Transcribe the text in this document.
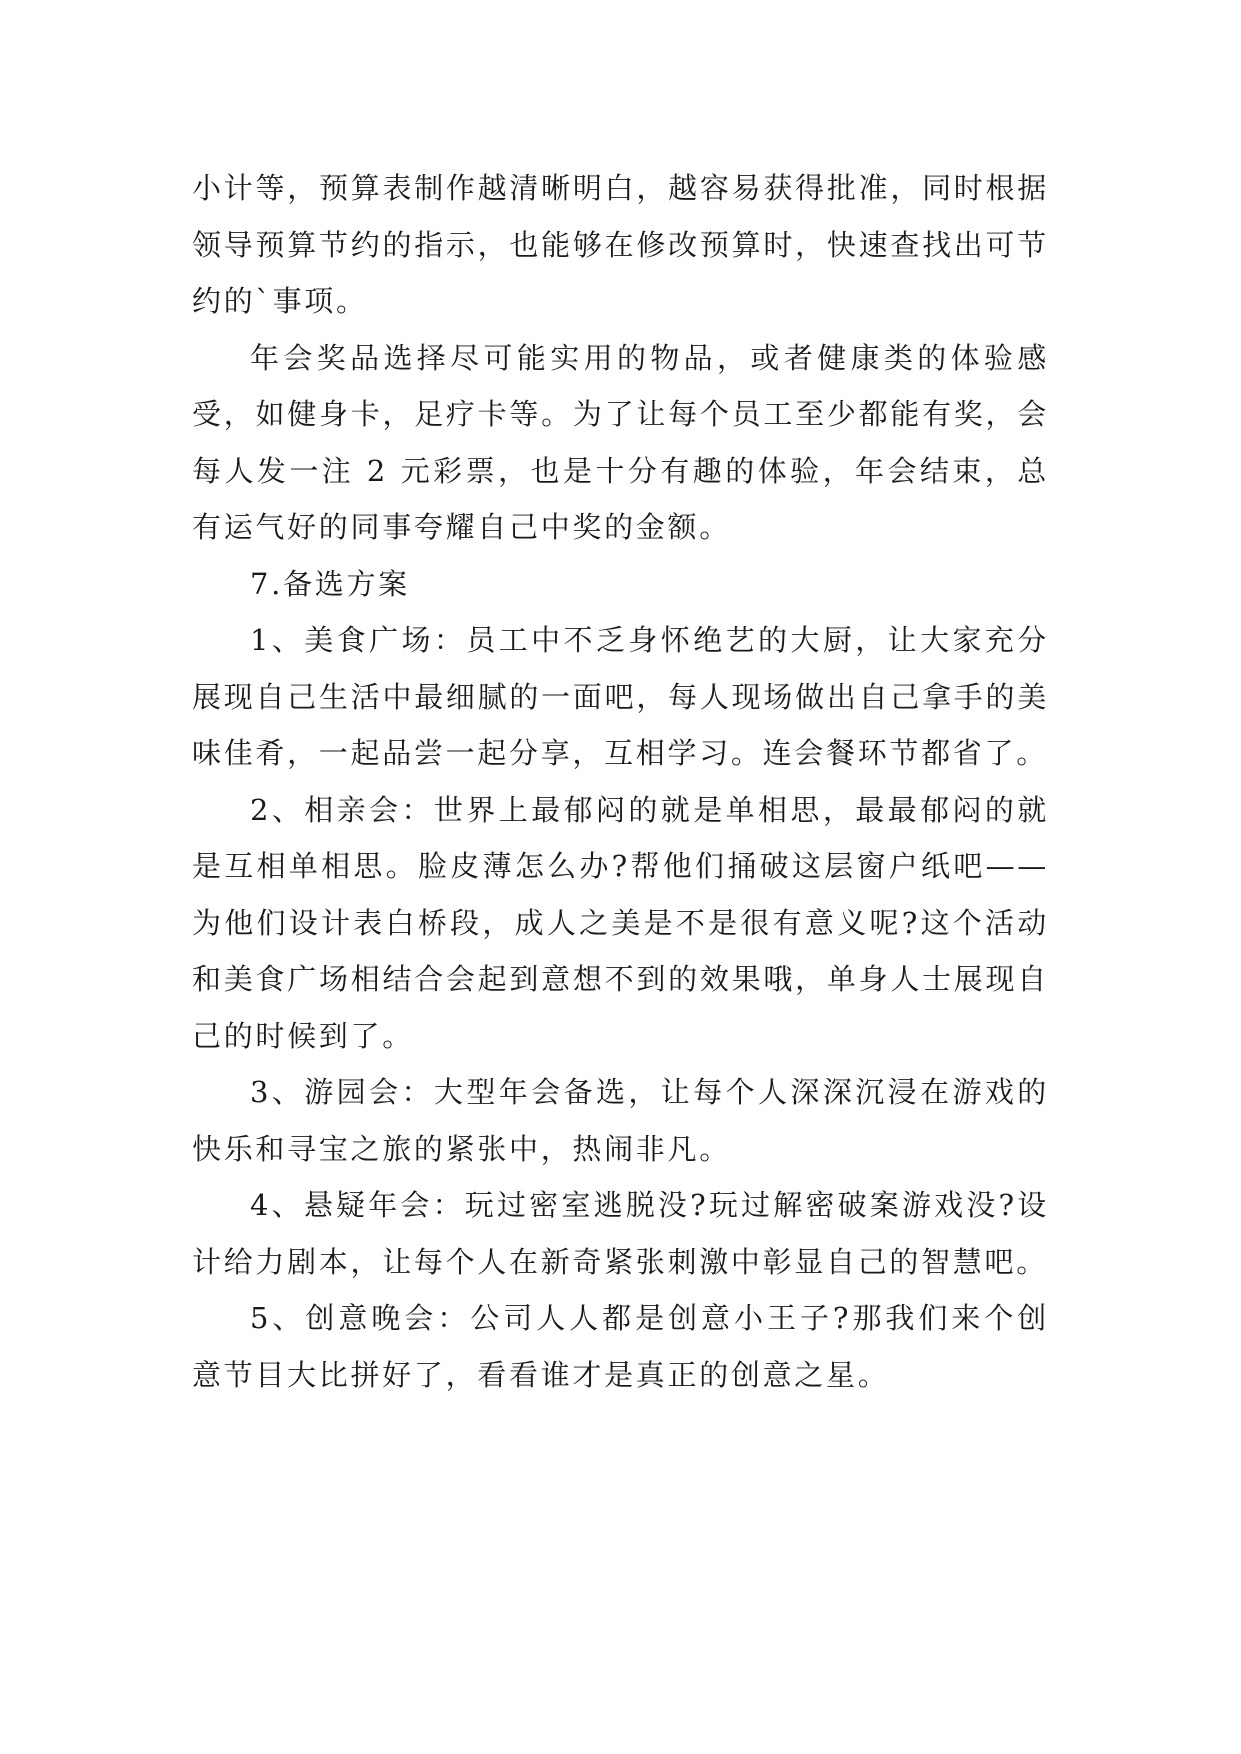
小计等，预算表制作越清晰明白，越容易获得批准，同时根据领导预算节约的指示，也能够在修改预算时，快速查找出可节约的`事项。

年会奖品选择尽可能实用的物品，或者健康类的体验感受，如健身卡，足疗卡等。为了让每个员工至少都能有奖，会每人发一注 2 元彩票，也是十分有趣的体验，年会结束，总有运气好的同事夸耀自己中奖的金额。

7.备选方案

1、美食广场：员工中不乏身怀绝艺的大厨，让大家充分展现自己生活中最细腻的一面吧，每人现场做出自己拿手的美味佳肴，一起品尝一起分享，互相学习。连会餐环节都省了。

2、相亲会：世界上最郁闷的就是单相思，最最郁闷的就是互相单相思。脸皮薄怎么办?帮他们捅破这层窗户纸吧——为他们设计表白桥段，成人之美是不是很有意义呢?这个活动和美食广场相结合会起到意想不到的效果哦，单身人士展现自己的时候到了。

3、游园会：大型年会备选，让每个人深深沉浸在游戏的快乐和寻宝之旅的紧张中，热闹非凡。

4、悬疑年会：玩过密室逃脱没?玩过解密破案游戏没?设计给力剧本，让每个人在新奇紧张刺激中彰显自己的智慧吧。

5、创意晚会：公司人人都是创意小王子?那我们来个创意节目大比拼好了，看看谁才是真正的创意之星。
